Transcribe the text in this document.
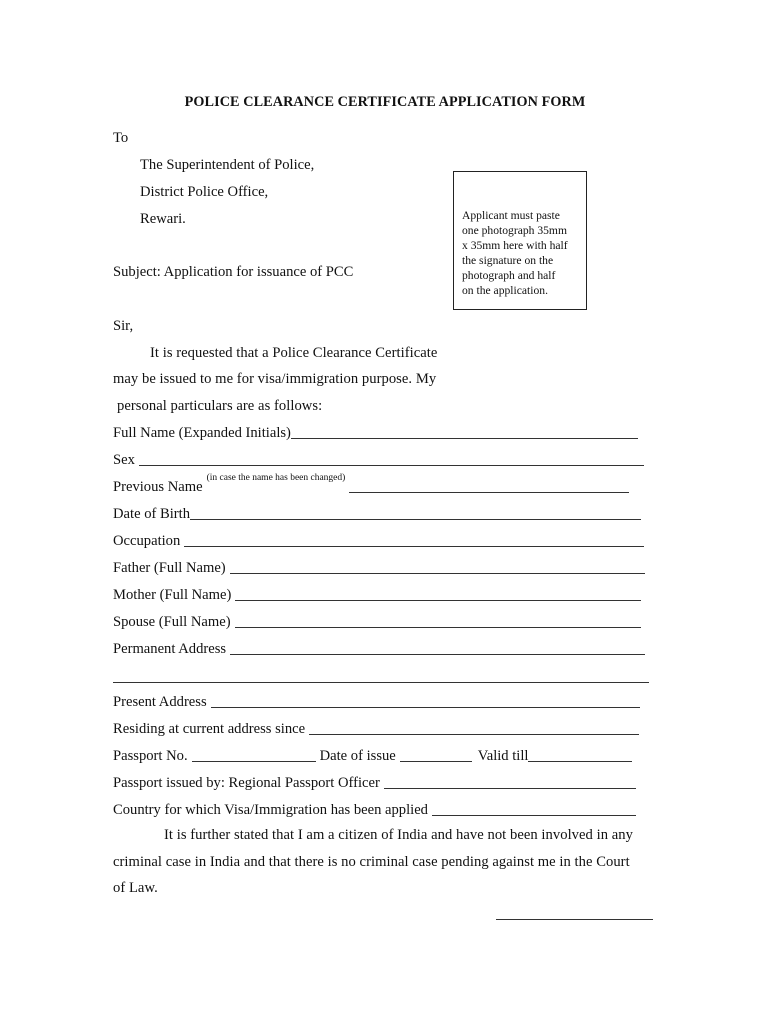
POLICE CLEARANCE CERTIFICATE APPLICATION FORM
To
The Superintendent of Police,
District Police Office,
Rewari.	Applicant must paste
one photograph 35mm
x 35mm here with half
the signature on the
photograph and half
on the application.
Subject: Application for issuance of PCC
Sir,
It is requested that a Police Clearance Certificate
may be issued to me for visa/immigration purpose. My
personal particulars are as follows:
Full Name (Expanded Initials)
Sex
Previous Name
(in case the name has been changed)
Date of Birth
Occupation
Father (Full Name)
Mother (Full Name)
Spouse (Full Name)
Permanent Address
Present Address
Residing at current address since
Passport No.	Date of issue	Valid till
Passport issued by: Regional Passport Officer
Country for which Visa/Immigration has been applied
It is further stated that I am a citizen of India and have not been involved in any
criminal case in India and that there is no criminal case pending against me in the Court
of Law.
